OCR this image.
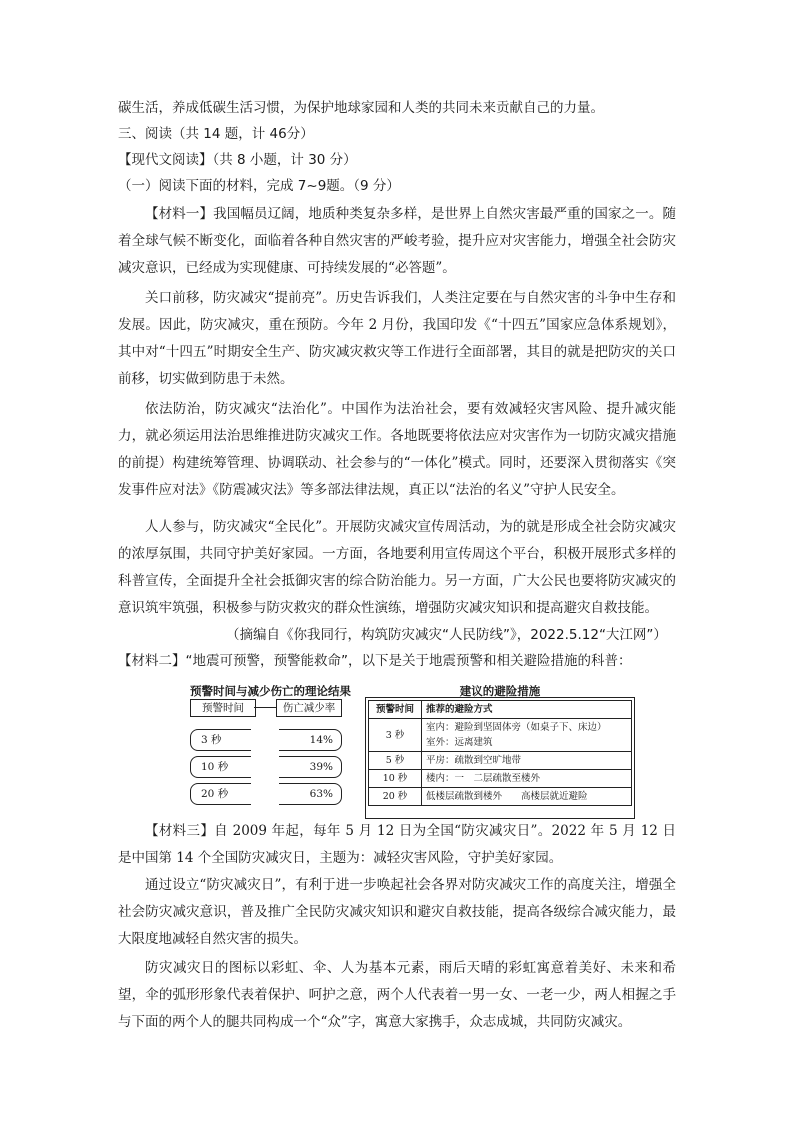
碳生活，养成低碳生活习惯，为保护地球家园和人类的共同未来贡献自己的力量。
三、阅读（共 14 题，计 46分）
【现代文阅读】（共 8 小题，计 30 分）
（一）阅读下面的材料，完成 7~9题。（9 分）
【材料一】我国幅员辽阔，地质种类复杂多样，是世界上自然灾害最严重的国家之一。随着全球气候不断变化，面临着各种自然灾害的严峻考验，提升应对灾害能力，增强全社会防灾减灾意识，已经成为实现健康、可持续发展的“必答题”。
关口前移，防灾减灾“提前亮”。历史告诉我们，人类注定要在与自然灾害的斗争中生存和发展。因此，防灾减灾，重在预防。今年 2 月份，我国印发《“十四五”国家应急体系规划》，其中对“十四五”时期安全生产、防灾减灾救灾等工作进行全面部署，其目的就是把防灾的关口前移，切实做到防患于未然。
依法防治，防灾减灾“法治化”。中国作为法治社会，要有效减轻灾害风险、提升减灾能力，就必须运用法治思维推进防灾减灾工作。各地既要将依法应对灾害作为一切防灾减灾措施的前提）构建统筹管理、协调联动、社会参与的“一体化”模式。同时，还要深入贯彻落实《突发事件应对法》《防震减灾法》等多部法律法规，真正以“法治的名义”守护人民安全。
人人参与，防灾减灾“全民化”。开展防灾减灾宣传周活动，为的就是形成全社会防灾减灾的浓厚氛围，共同守护美好家园。一方面，各地要利用宣传周这个平台，积极开展形式多样的科普宣传，全面提升全社会抵御灾害的综合防治能力。另一方面，广大公民也要将防灾减灾的意识筑牢筑强，积极参与防灾救灾的群众性演练，增强防灾减灾知识和提高避灾自救技能。
（摘编自《你我同行，构筑防灾减灾“人民防线”》，2022.5.12“大江网”）
【材料二】“地震可预警，预警能救命”，以下是关于地震预警和相关避险措施的科普：
预警时间与减少伤亡的理论结果
预警时间	伤亡减少率
3 秒	14%
10 秒	39%
20 秒	63%
建议的避险措施
预警时间	推荐的避险方式
3 秒	室内：避险到坚固体旁（如桌子下、床边）
室外：远离建筑

5 秒	平房：疏散到空旷地带
10 秒	楼内：一　二层疏散至楼外
20 秒	低楼层疏散到楼外　　高楼层就近避险
【材料三】自 2009 年起，每年 5 月 12 日为全国“防灾减灾日”。2022 年 5 月 12 日是中国第 14 个全国防灾减灾日，主题为：减轻灾害风险，守护美好家园。
通过设立“防灾减灾日”，有利于进一步唤起社会各界对防灾减灾工作的高度关注，增强全社会防灾减灾意识，普及推广全民防灾减灾知识和避灾自救技能，提高各级综合减灾能力，最大限度地减轻自然灾害的损失。
防灾减灾日的图标以彩虹、伞、人为基本元素，雨后天晴的彩虹寓意着美好、未来和希望，伞的弧形形象代表着保护、呵护之意，两个人代表着一男一女、一老一少，两人相握之手与下面的两个人的腿共同构成一个“众”字，寓意大家携手，众志成城，共同防灾减灾。
